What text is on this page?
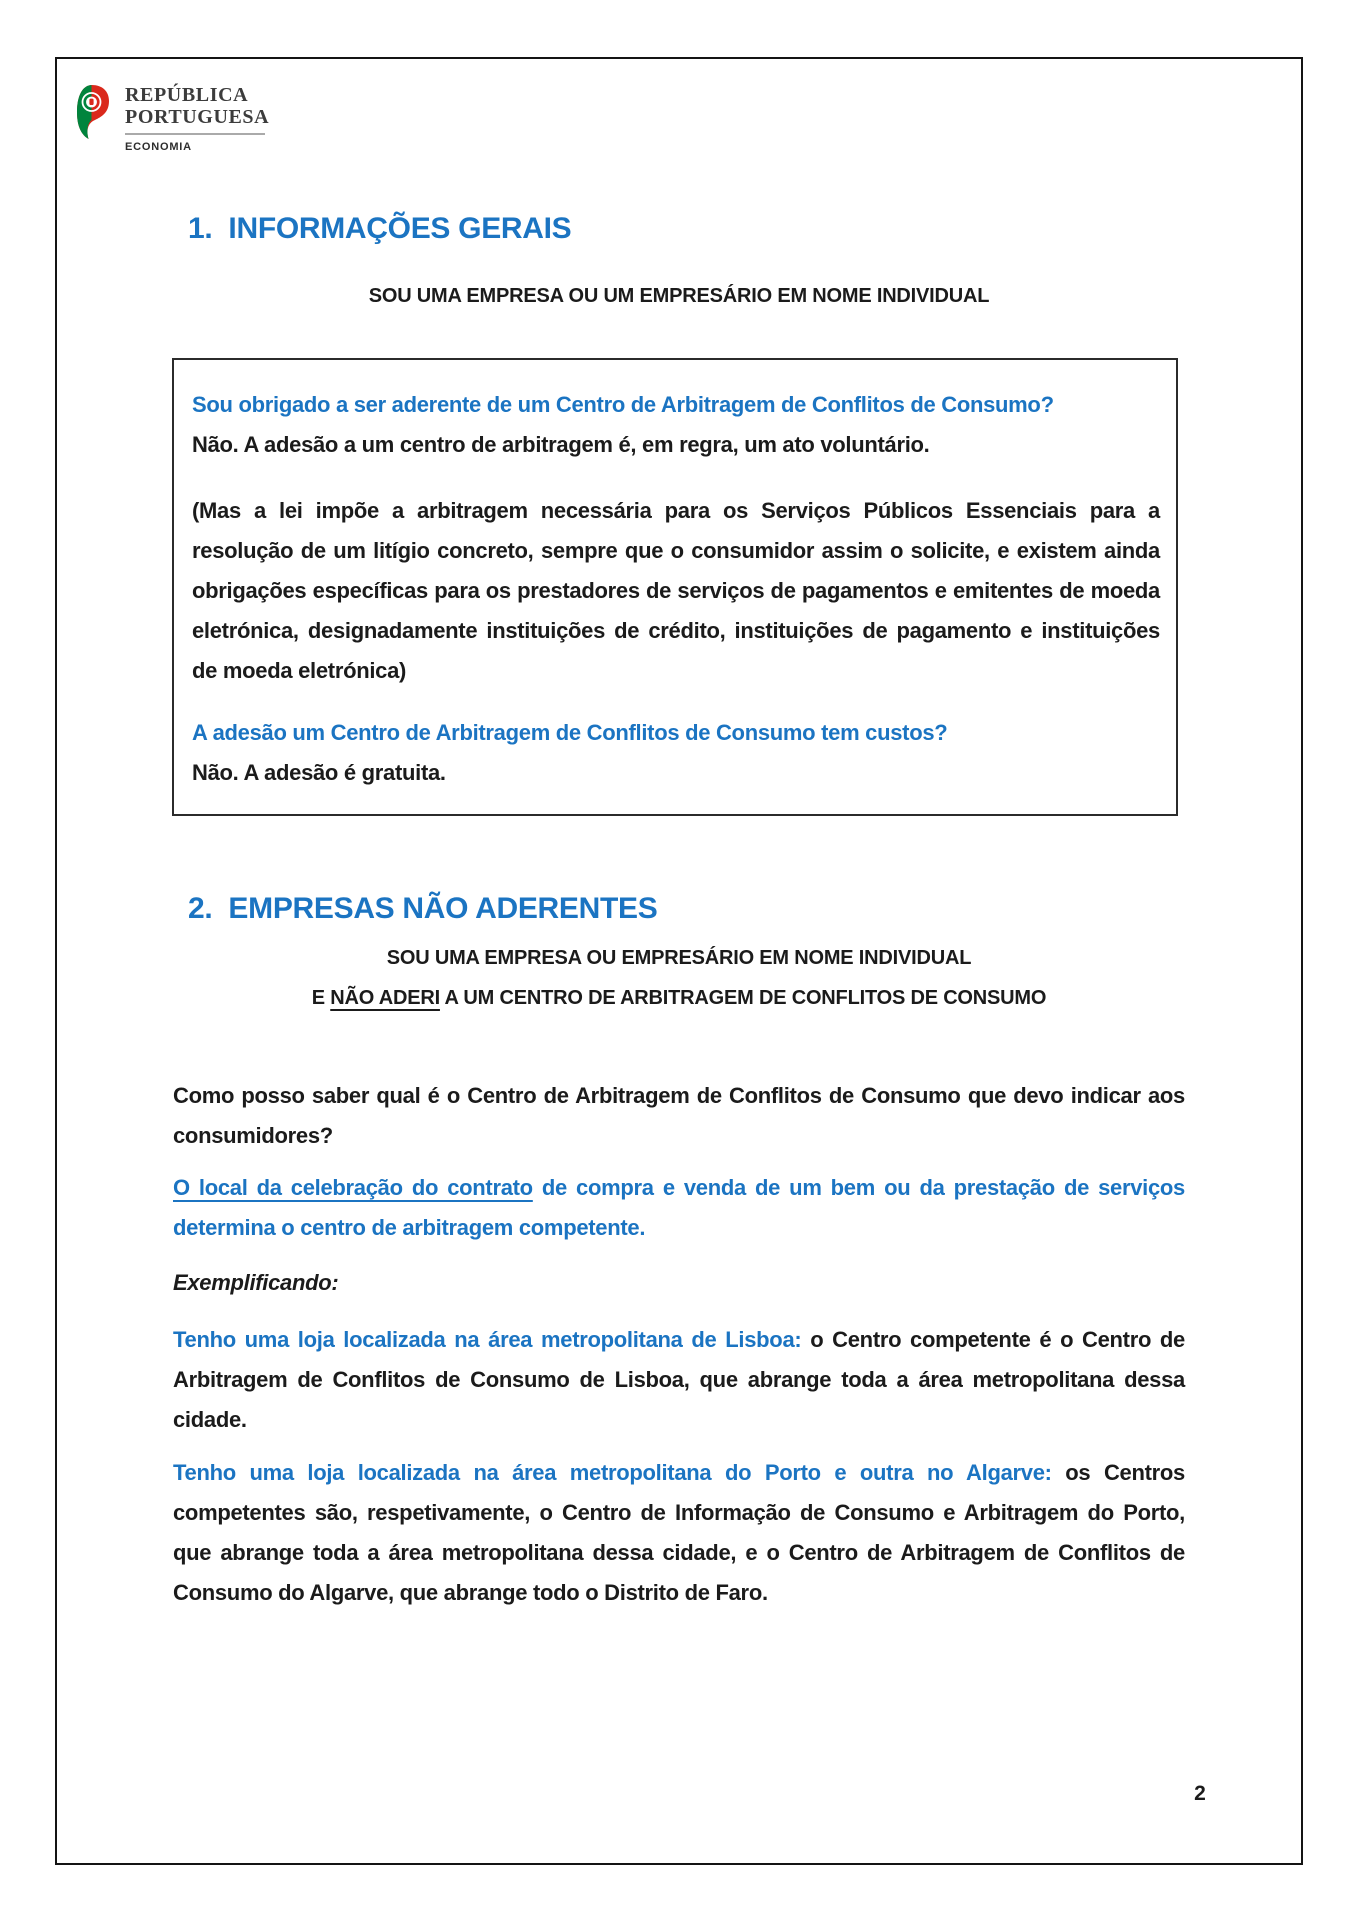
REPÚBLICA
PORTUGUESA
ECONOMIA
1. INFORMAÇÕES GERAIS
SOU UMA EMPRESA OU UM EMPRESÁRIO EM NOME INDIVIDUAL

Sou obrigado a ser aderente de um Centro de Arbitragem de Conflitos de Consumo?

Não. A adesão a um centro de arbitragem é, em regra, um ato voluntário.

(Mas a lei impõe a arbitragem necessária para os Serviços Públicos Essenciais para a resolução de um litígio concreto, sempre que o consumidor assim o solicite, e existem ainda obrigações específicas para os prestadores de serviços de pagamentos e emitentes de moeda eletrónica, designadamente instituições de crédito, instituições de pagamento e instituições de moeda eletrónica)

A adesão um Centro de Arbitragem de Conflitos de Consumo tem custos?

Não. A adesão é gratuita.

2. EMPRESAS NÃO ADERENTES
SOU UMA EMPRESA OU EMPRESÁRIO EM NOME INDIVIDUAL
E NÃO ADERI A UM CENTRO DE ARBITRAGEM DE CONFLITOS DE CONSUMO

Como posso saber qual é o Centro de Arbitragem de Conflitos de Consumo que devo indicar aos consumidores?

O local da celebração do contrato de compra e venda de um bem ou da prestação de serviços determina o centro de arbitragem competente.

Exemplificando:

Tenho uma loja localizada na área metropolitana de Lisboa: o Centro competente é o Centro de Arbitragem de Conflitos de Consumo de Lisboa, que abrange toda a área metropolitana dessa cidade.

Tenho uma loja localizada na área metropolitana do Porto e outra no Algarve: os Centros competentes são, respetivamente, o Centro de Informação de Consumo e Arbitragem do Porto, que abrange toda a área metropolitana dessa cidade, e o Centro de Arbitragem de Conflitos de Consumo do Algarve, que abrange todo o Distrito de Faro.

2
